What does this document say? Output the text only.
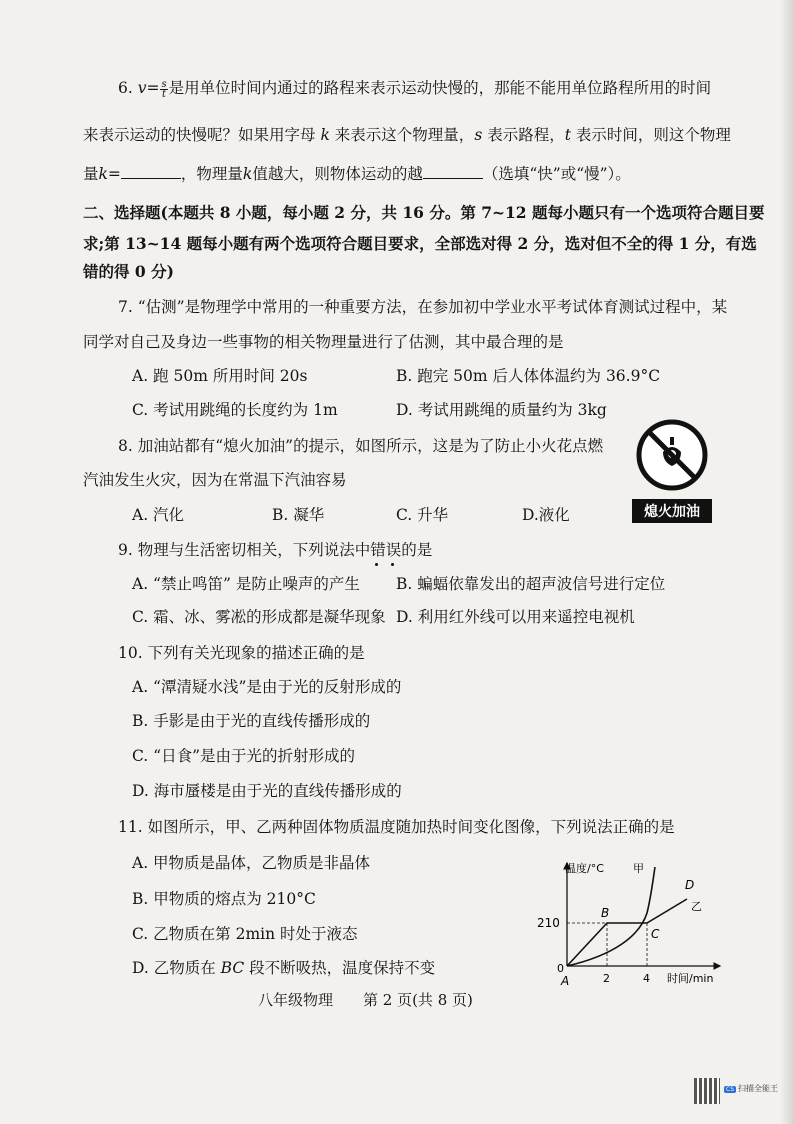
6. $v= \frac{s}{t}$ 是用单位时间内通过的路程来表示运动快慢的，那能不能用单位路程所用的时间
来表示运动的快慢呢？如果用字母 k 来表示这个物理量，s 表示路程，t 表示时间，则这个物理
量k=	，物理量k值越大，则物体运动的越	（选填“快”或“慢”）。
二、选择题(本题共 8 小题，每小题 2 分，共 16 分。第 7~12 题每小题只有一个选项符合题目要
求;第 13~14 题每小题有两个选项符合题目要求，全部选对得 2 分，选对但不全的得 1 分，有选
错的得 0 分)
7. “估测”是物理学中常用的一种重要方法，在参加初中学业水平考试体育测试过程中，某
同学对自己及身边一些事物的相关物理量进行了估测，其中最合理的是
A. 跑 50m 所用时间 20s	B. 跑完 50m 后人体体温约为 36.9°C
C. 考试用跳绳的长度约为 1m	D. 考试用跳绳的质量约为 3kg
8. 加油站都有“熄火加油”的提示，如图所示，这是为了防止小火花点燃
汽油发生火灾，因为在常温下汽油容易
A. 汽化	B. 凝华	C. 升华	D.液化	熄火加油
9. 物理与生活密切相关，下列说法中错误
的是
A. “禁止鸣笛” 是防止噪声的产生 B. 蝙蝠依靠发出的超声波信号进行定位
C. 霜、冰、雾凇的形成都是凝华现象 D. 利用红外线可以用来遥控电视机
10. 下列有关光现象的描述正确的是
A. “潭清疑水浅”是由于光的反射形成的
B. 手影是由于光的直线传播形成的
C. “日食”是由于光的折射形成的
D. 海市蜃楼是由于光的直线传播形成的
11. 如图所示，甲、乙两种固体物质温度随加热时间变化图像，下列说法正确的是
A. 甲物质是晶体，乙物质是非晶体
B. 甲物质的熔点为 210°C
C. 乙物质在第 2min 时处于液态
D. 乙物质在 BC 段不断吸热，温度保持不变
温度/°C	甲
210
0
A
B
C
D
乙
2	4 时间/min
八年级物理　　第 2 页(共 8 页)
CS 扫描全能王
